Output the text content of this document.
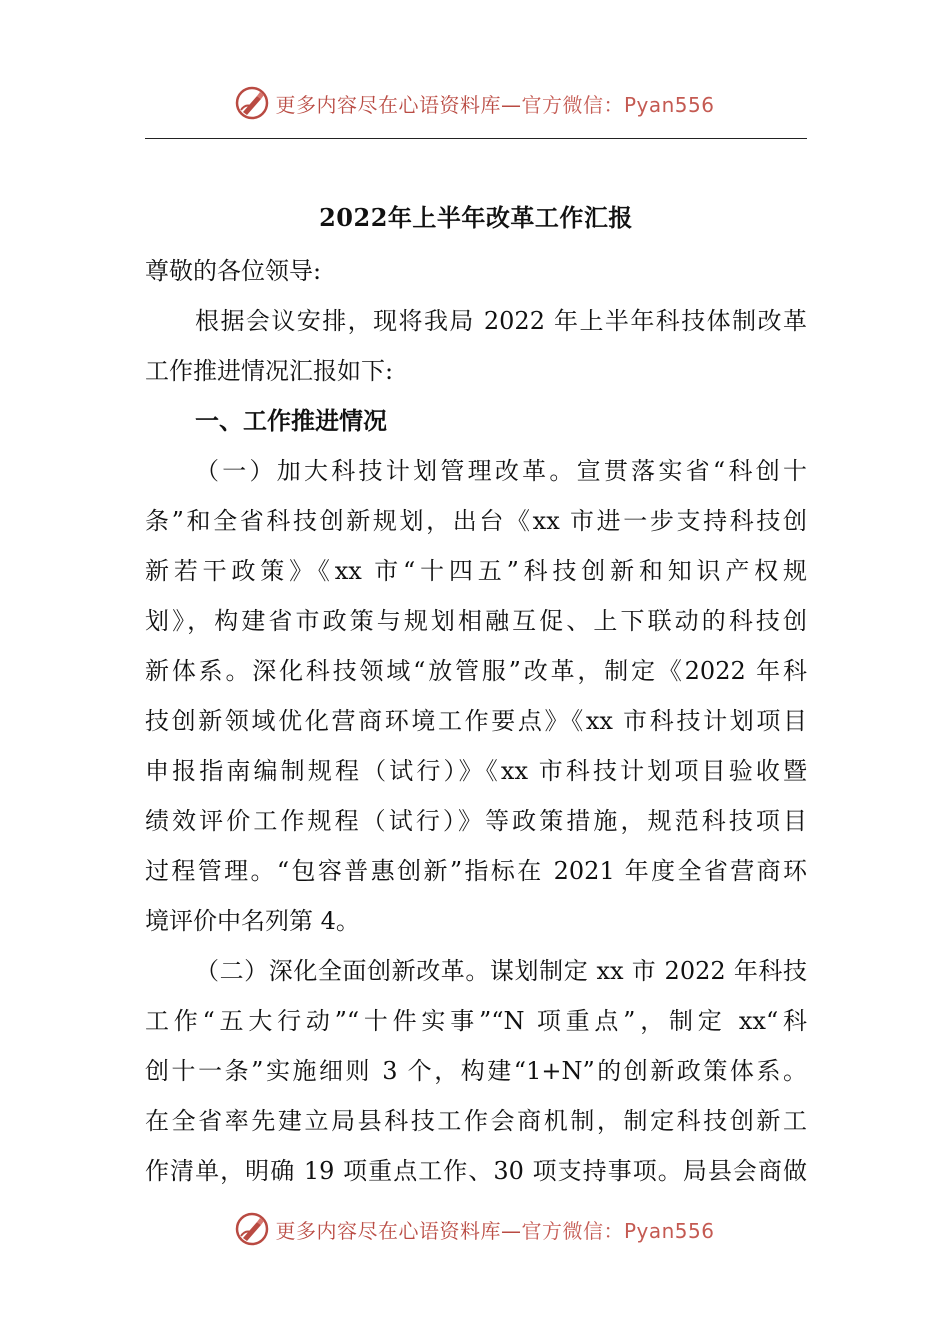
更多内容尽在心语资料库—官方微信：Pyan556
2022年上半年改革工作汇报
尊敬的各位领导:
根据会议安排，现将我局 2022 年上半年科技体制改革
工作推进情况汇报如下:
一、工作推进情况
（一）加大科技计划管理改革。宣贯落实省“科创十
条”和全省科技创新规划，出台《xx 市进一步支持科技创
新若干政策》《xx 市“十四五”科技创新和知识产权规
划》，构建省市政策与规划相融互促、上下联动的科技创
新体系。深化科技领域“放管服”改革，制定《2022 年科
技创新领域优化营商环境工作要点》《xx 市科技计划项目
申报指南编制规程（试行）》《xx 市科技计划项目验收暨
绩效评价工作规程（试行）》等政策措施，规范科技项目
过程管理。“包容普惠创新”指标在 2021 年度全省营商环
境评价中名列第 4。
（二）深化全面创新改革。谋划制定 xx 市 2022 年科技
工作“五大行动”“十件实事”“N 项重点”，制定 xx“科
创十一条”实施细则 3 个，构建“1+N”的创新政策体系。
在全省率先建立局县科技工作会商机制，制定科技创新工
作清单，明确 19 项重点工作、30 项支持事项。局县会商做
更多内容尽在心语资料库—官方微信：Pyan556
